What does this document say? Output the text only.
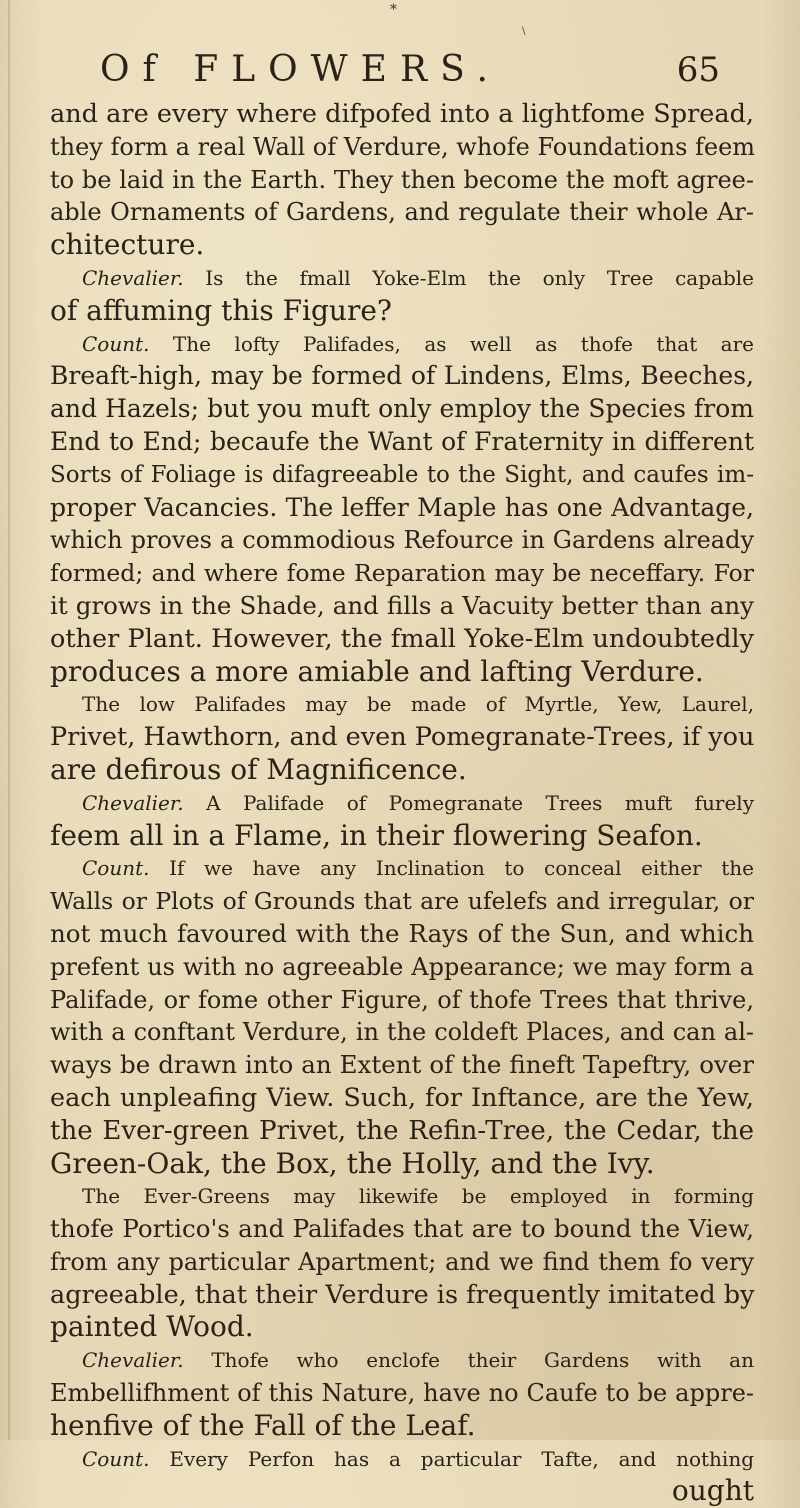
*
\
Of FLOWERS.	65
and are every where difpofed into a lightfome Spread,
they form a real Wall of Verdure, whofe Foundations feem
to be laid in the Earth. They then become the moft agree-
able Ornaments of Gardens, and regulate their whole Ar-
chitecture.
Chevalier. Is the fmall Yoke-Elm the only Tree capable
of affuming this Figure?
Count. The lofty Palifades, as well as thofe that are
Breaft-high, may be formed of Lindens, Elms, Beeches,
and Hazels; but you muft only employ the Species from
End to End; becaufe the Want of Fraternity in different
Sorts of Foliage is difagreeable to the Sight, and caufes im-
proper Vacancies. The leffer Maple has one Advantage,
which proves a commodious Refource in Gardens already
formed; and where fome Reparation may be neceffary. For
it grows in the Shade, and fills a Vacuity better than any
other Plant. However, the fmall Yoke-Elm undoubtedly
produces a more amiable and lafting Verdure.
The low Palifades may be made of Myrtle, Yew, Laurel,
Privet, Hawthorn, and even Pomegranate-Trees, if you
are defirous of Magnificence.
Chevalier. A Palifade of Pomegranate Trees muft furely
feem all in a Flame, in their flowering Seafon.
Count. If we have any Inclination to conceal either the
Walls or Plots of Grounds that are ufelefs and irregular, or
not much favoured with the Rays of the Sun, and which
prefent us with no agreeable Appearance; we may form a
Palifade, or fome other Figure, of thofe Trees that thrive,
with a conftant Verdure, in the coldeft Places, and can al-
ways be drawn into an Extent of the fineft Tapeftry, over
each unpleafing View. Such, for Inftance, are the Yew,
the Ever-green Privet, the Refin-Tree, the Cedar, the
Green-Oak, the Box, the Holly, and the Ivy.
The Ever-Greens may likewife be employed in forming
thofe Portico's and Palifades that are to bound the View,
from any particular Apartment; and we find them fo very
agreeable, that their Verdure is frequently imitated by
painted Wood.
Chevalier. Thofe who enclofe their Gardens with an
Embellifhment of this Nature, have no Caufe to be appre-
henfive of the Fall of the Leaf.
Count. Every Perfon has a particular Tafte, and nothing
ought
